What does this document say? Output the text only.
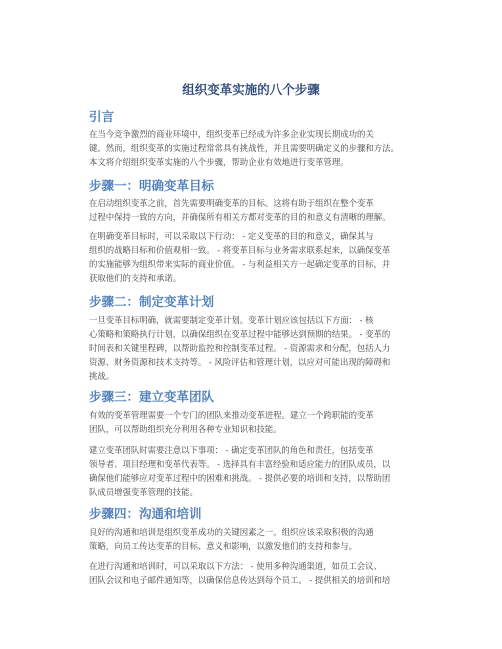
组织变革实施的八个步骤
引言
在当今竞争激烈的商业环境中，组织变革已经成为许多企业实现长期成功的关
键。然而，组织变革的实施过程常常具有挑战性，并且需要明确定义的步骤和方法。
本文将介绍组织变革实施的八个步骤，帮助企业有效地进行变革管理。
步骤一：明确变革目标
在启动组织变革之前，首先需要明确变革的目标。这将有助于组织在整个变革
过程中保持一致的方向，并确保所有相关方都对变革的目的和意义有清晰的理解。
在明确变革目标时，可以采取以下行动： - 定义变革的目的和意义，确保其与
组织的战略目标和价值观相一致。 - 将变革目标与业务需求联系起来，以确保变革
的实施能够为组织带来实际的商业价值。 - 与利益相关方一起确定变革的目标，并
获取他们的支持和承诺。
步骤二：制定变革计划
一旦变革目标明确，就需要制定变革计划。变革计划应该包括以下方面： - 核
心策略和策略执行计划，以确保组织在变革过程中能够达到预期的结果。 - 变革的
时间表和关键里程碑，以帮助监控和控制变革过程。 - 资源需求和分配，包括人力
资源、财务资源和技术支持等。 - 风险评估和管理计划，以应对可能出现的障碍和
挑战。
步骤三：建立变革团队
有效的变革管理需要一个专门的团队来推动变革进程。建立一个跨职能的变革
团队，可以帮助组织充分利用各种专业知识和技能。
建立变革团队时需要注意以下事项： - 确定变革团队的角色和责任，包括变革
领导者、项目经理和变革代表等。 - 选择具有丰富经验和适应能力的团队成员，以
确保他们能够应对变革过程中的困难和挑战。 - 提供必要的培训和支持，以帮助团
队成员增强变革管理的技能。
步骤四：沟通和培训
良好的沟通和培训是组织变革成功的关键因素之一。组织应该采取积极的沟通
策略，向员工传达变革的目标、意义和影响，以激发他们的支持和参与。
在进行沟通和培训时，可以采取以下方法： - 使用多种沟通渠道，如员工会议、
团队会议和电子邮件通知等，以确保信息传达到每个员工。 - 提供相关的培训和培
